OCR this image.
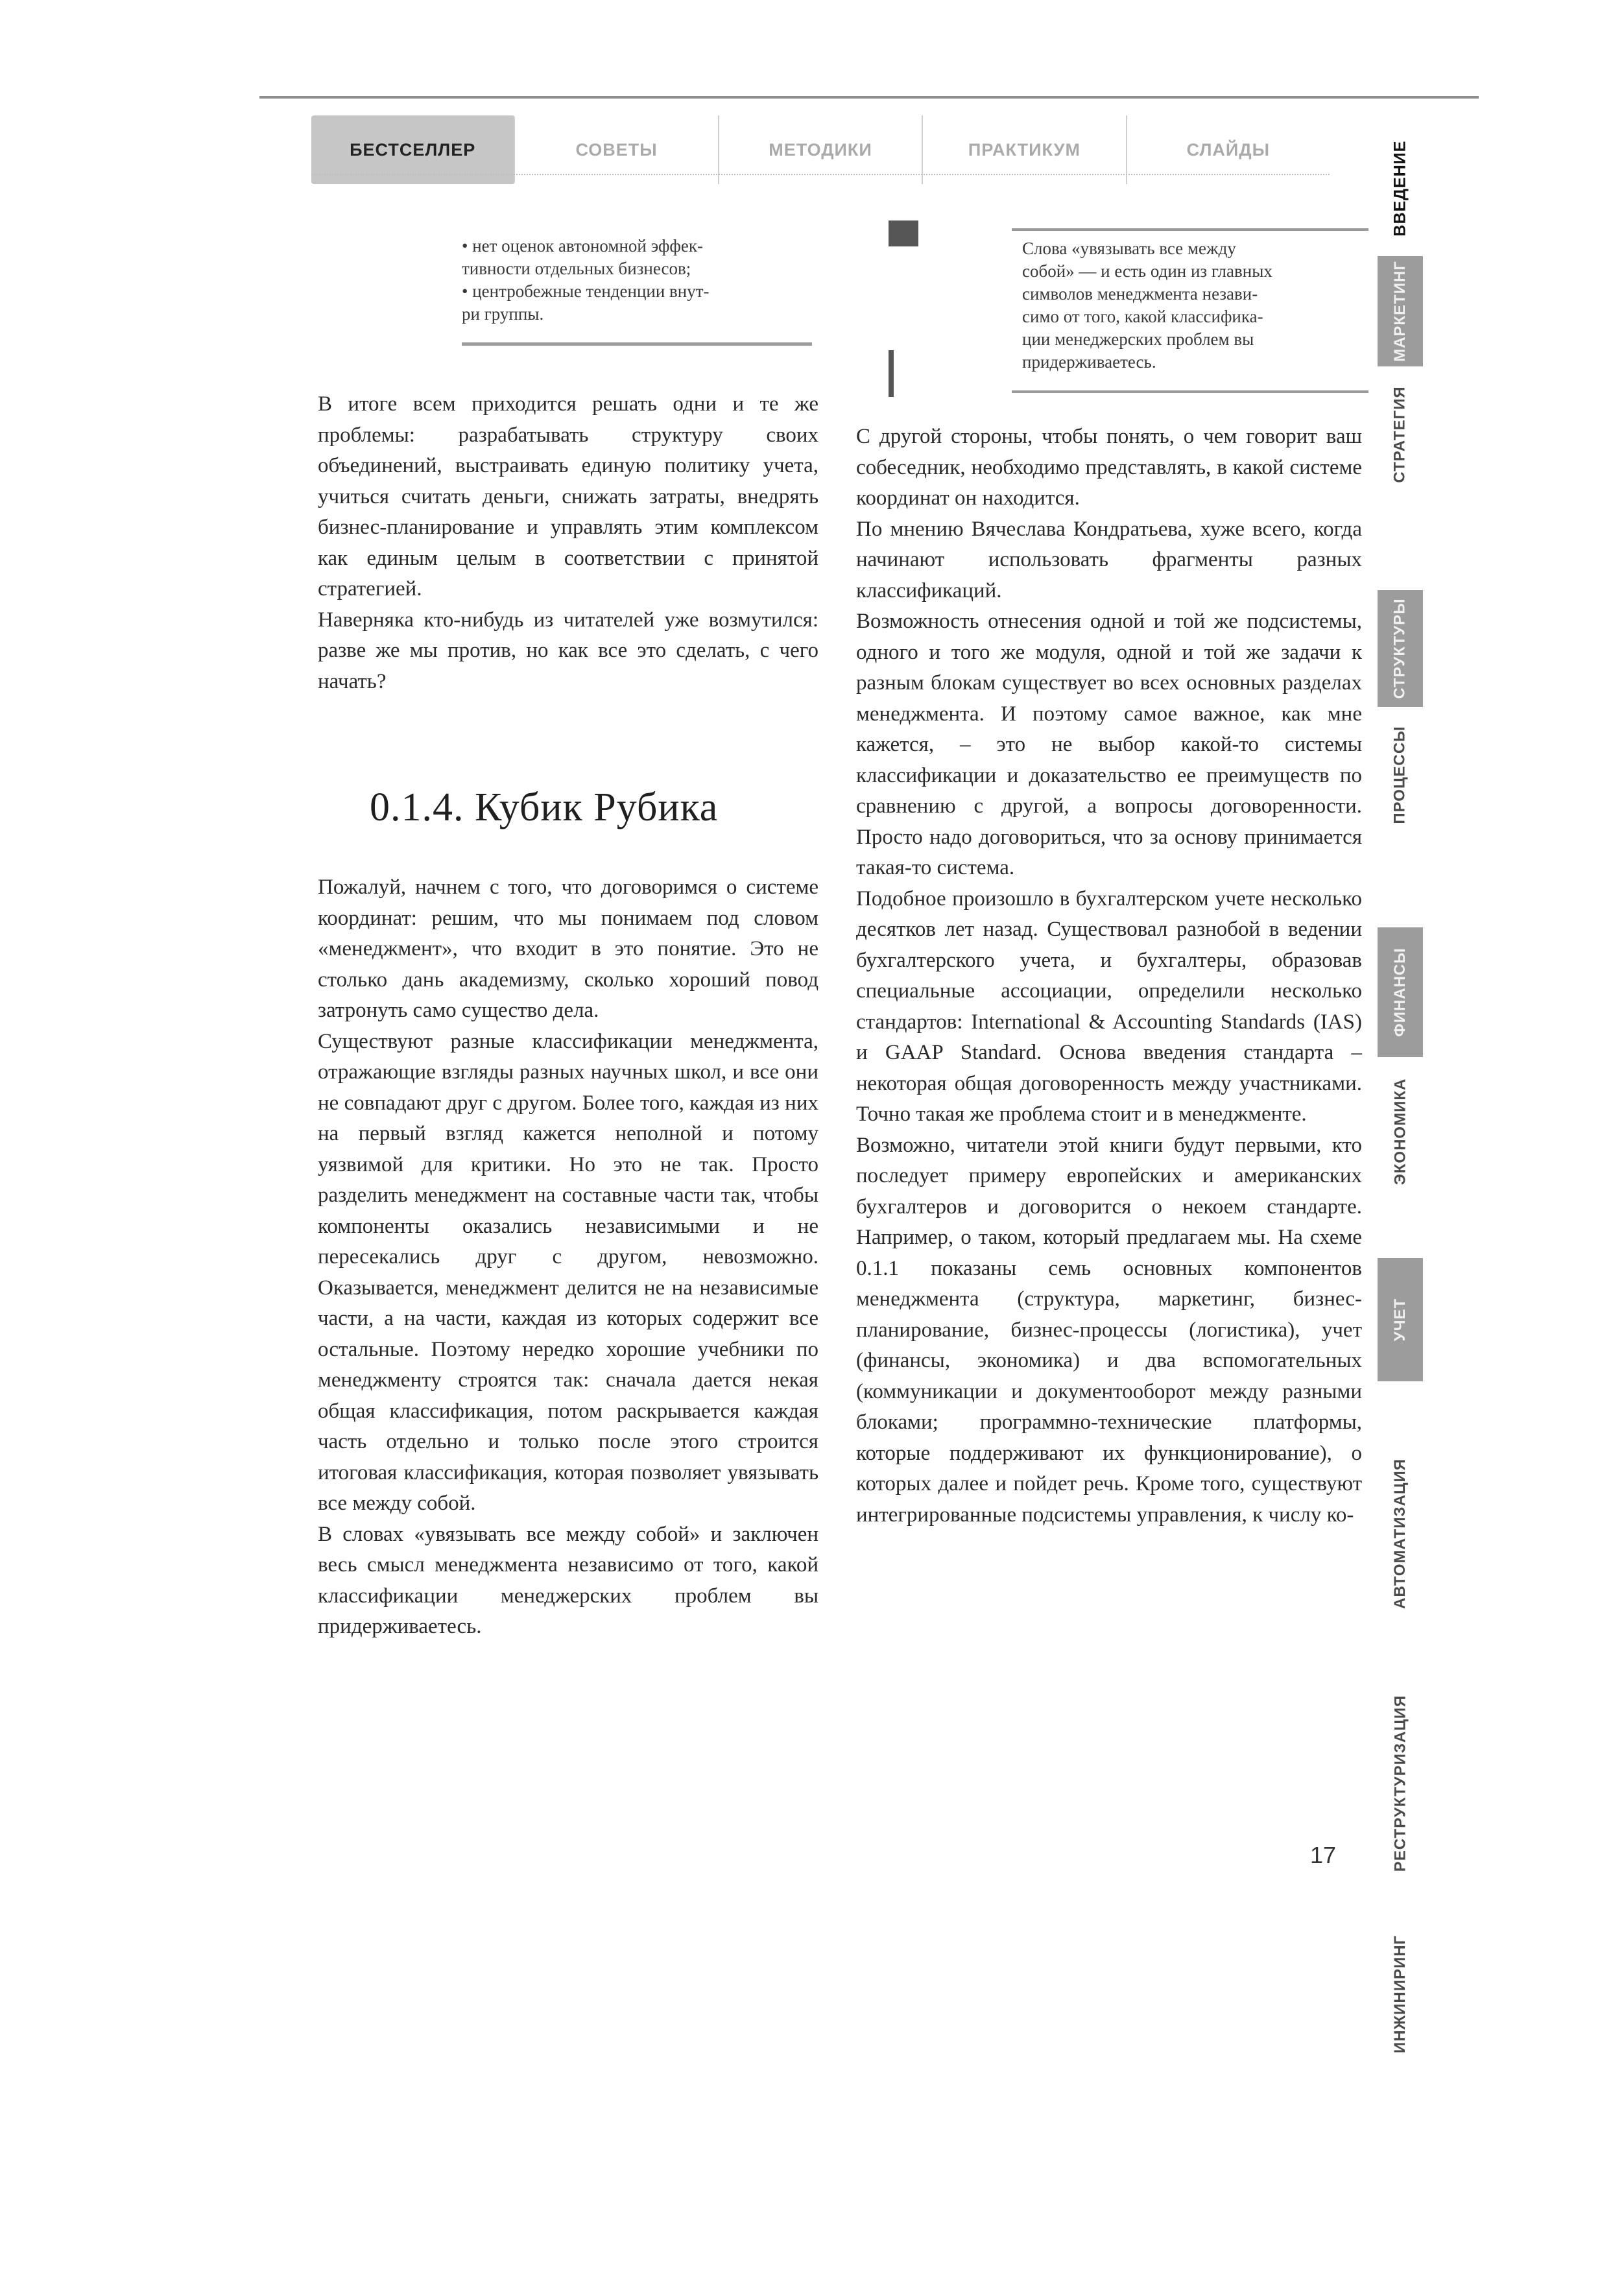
БЕСТСЕЛЛЕР	СОВЕТЫ	МЕТОДИКИ	ПРАКТИКУМ	СЛАЙДЫ	ВВЕДЕНИЕ
МАРКЕТИНГ
СТРАТЕГИЯ
СТРУКТУРЫ
ПРОЦЕССЫ
ФИНАНСЫ
ЭКОНОМИКА
УЧЕТ
АВТОМАТИЗАЦИЯ
РЕСТРУКТУРИЗАЦИЯ
ИНЖИНИРИНГ
• нет оценок автономной эффек-
тивности отдельных бизнесов;
• центробежные тенденции внут-
ри группы.
Слова «увязывать все между
собой» — и есть один из главных
символов менеджмента незави-
симо от того, какой классифика-
ции менеджерских проблем вы
придерживаетесь.

В итоге всем приходится решать одни и те же проблемы: разрабатывать структуру своих объединений, выстраивать единую политику учета, учиться считать деньги, снижать затраты, внедрять бизнес-планирование и управлять этим комплексом как единым целым в соответствии с принятой стратегией.

Наверняка кто-нибудь из читателей уже возмутился: разве же мы против, но как все это сделать, с чего начать?

0.1.4. Кубик Рубика

Пожалуй, начнем с того, что договоримся о системе координат: решим, что мы понимаем под словом «менеджмент», что входит в это понятие. Это не столько дань академизму, сколько хороший повод затронуть само существо дела.

Существуют разные классификации менеджмента, отражающие взгляды разных научных школ, и все они не совпадают друг с другом. Более того, каждая из них на первый взгляд кажется неполной и потому уязвимой для критики. Но это не так. Просто разделить менеджмент на составные части так, чтобы компоненты оказались независимыми и не пересекались друг с другом, невозможно. Оказывается, менеджмент делится не на независимые части, а на части, каждая из которых содержит все остальные. Поэтому нередко хорошие учебники по менеджменту строятся так: сначала дается некая общая классификация, потом раскрывается каждая часть отдельно и только после этого строится итоговая классификация, которая позволяет увязывать все между собой.

В словах «увязывать все между собой» и заключен весь смысл менеджмента независимо от того, какой классификации менеджерских проблем вы придерживаетесь.

С другой стороны, чтобы понять, о чем говорит ваш собеседник, необходимо представлять, в какой системе координат он находится.

По мнению Вячеслава Кондратьева, хуже всего, когда начинают использовать фрагменты разных классификаций.

Возможность отнесения одной и той же подсистемы, одного и того же модуля, одной и той же задачи к разным блокам существует во всех основных разделах менеджмента. И поэтому самое важное, как мне кажется, – это не выбор какой-то системы классификации и доказательство ее преимуществ по сравнению с другой, а вопросы договоренности. Просто надо договориться, что за основу принимается такая-то система.

Подобное произошло в бухгалтерском учете несколько десятков лет назад. Существовал разнобой в ведении бухгалтерского учета, и бухгалтеры, образовав специальные ассоциации, определили несколько стандартов: International & Accounting Standards (IAS) и GAAP Standard. Основа введения стандарта – некоторая общая договоренность между участниками. Точно такая же проблема стоит и в менеджменте.

Возможно, читатели этой книги будут первыми, кто последует примеру европейских и американских бухгалтеров и договорится о некоем стандарте. Например, о таком, который предлагаем мы. На схеме 0.1.1 показаны семь основных компонентов менеджмента (структура, маркетинг, бизнес-планирование, бизнес-процессы (логистика), учет (финансы, экономика) и два вспомогательных (коммуникации и документооборот между разными блоками; программно-технические платформы, которые поддерживают их функционирование), о которых далее и пойдет речь. Кроме того, существуют интегрированные подсистемы управления, к числу ко-

17
